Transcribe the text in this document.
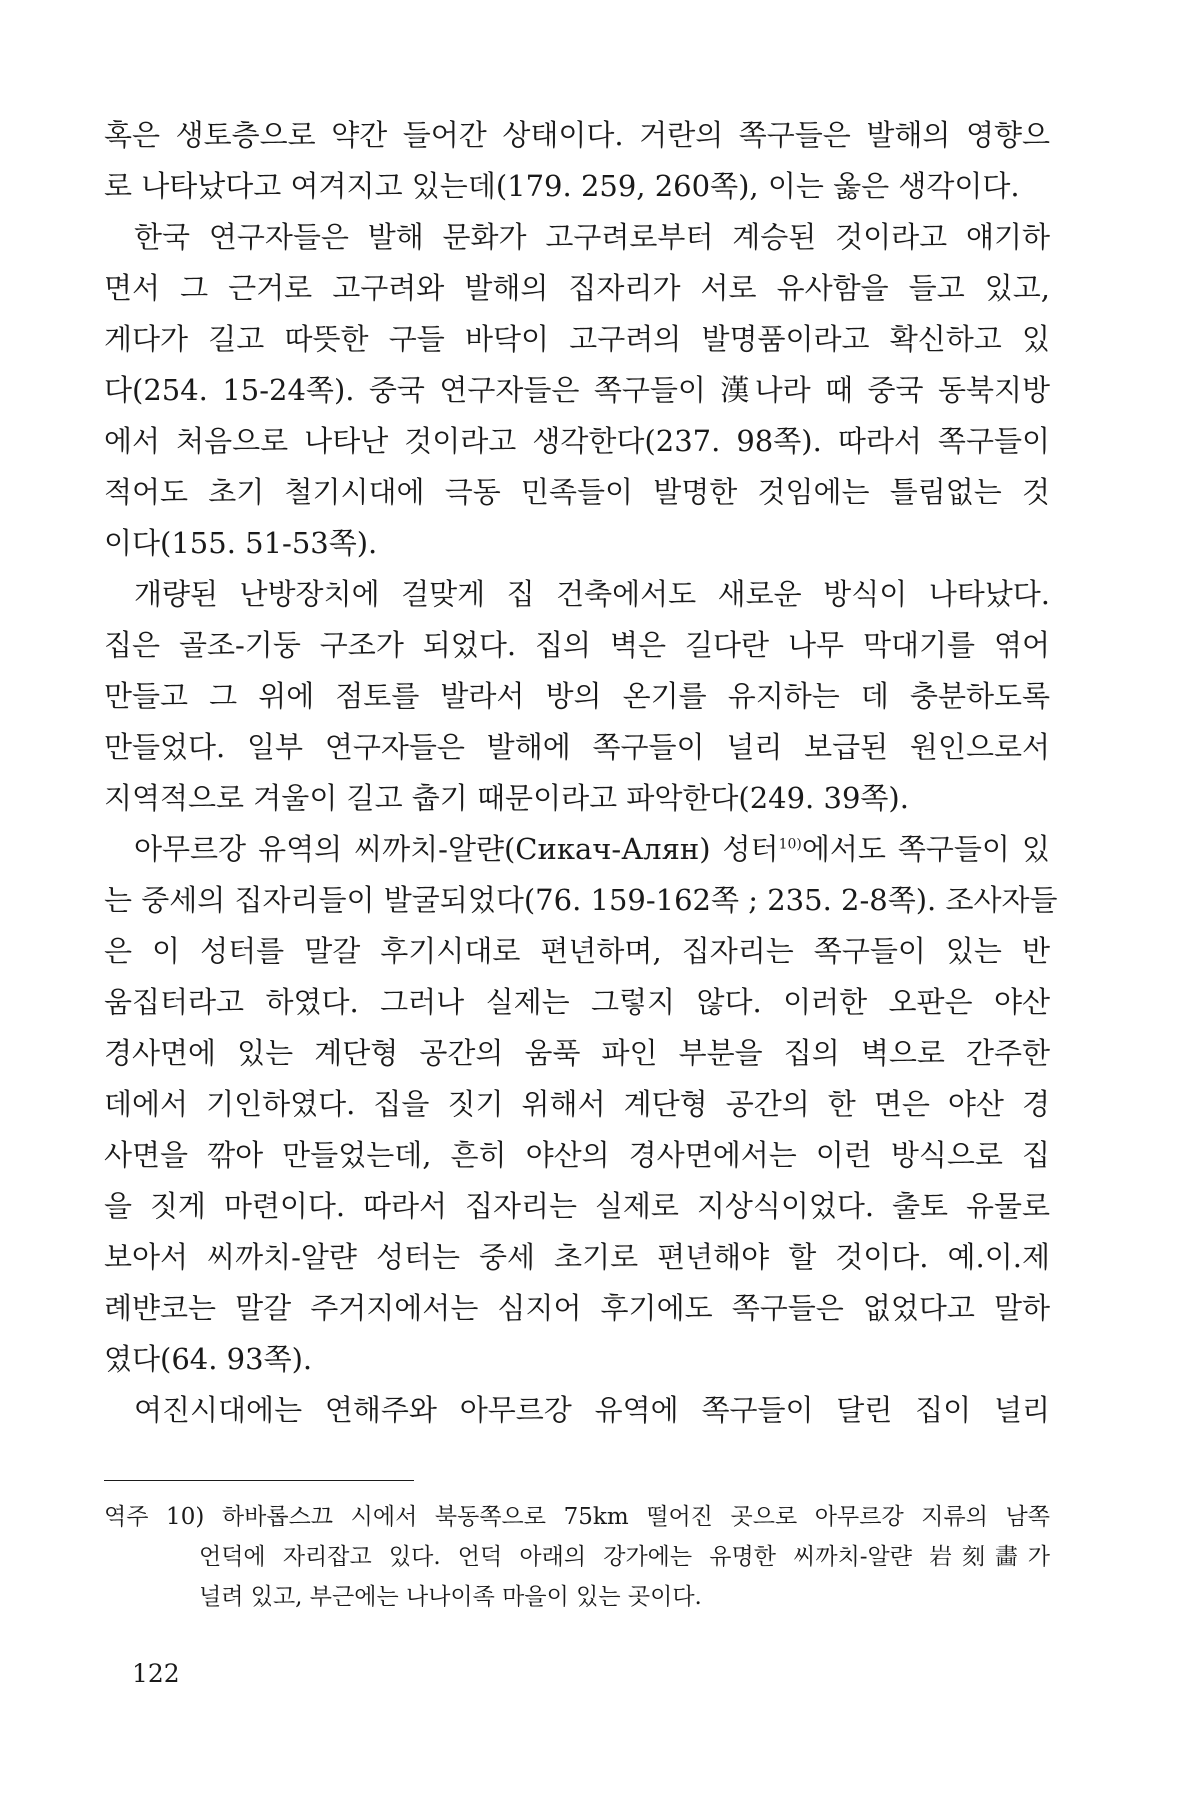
혹은 생토층으로 약간 들어간 상태이다. 거란의 쪽구들은 발해의 영향으
로 나타났다고 여겨지고 있는데(179. 259, 260쪽), 이는 옳은 생각이다.
한국 연구자들은 발해 문화가 고구려로부터 계승된 것이라고 얘기하
면서 그 근거로 고구려와 발해의 집자리가 서로 유사함을 들고 있고,
게다가 길고 따뜻한 구들 바닥이 고구려의 발명품이라고 확신하고 있
다(254. 15-24쪽). 중국 연구자들은 쪽구들이 漢나라 때 중국 동북지방
에서 처음으로 나타난 것이라고 생각한다(237. 98쪽). 따라서 쪽구들이
적어도 초기 철기시대에 극동 민족들이 발명한 것임에는 틀림없는 것
이다(155. 51-53쪽).
개량된 난방장치에 걸맞게 집 건축에서도 새로운 방식이 나타났다.
집은 골조-기둥 구조가 되었다. 집의 벽은 길다란 나무 막대기를 엮어
만들고 그 위에 점토를 발라서 방의 온기를 유지하는 데 충분하도록
만들었다. 일부 연구자들은 발해에 쪽구들이 널리 보급된 원인으로서
지역적으로 겨울이 길고 춥기 때문이라고 파악한다(249. 39쪽).
아무르강 유역의 씨까치-알랸(Сикач-Алян) 성터$^{10)}$에서도 쪽구들이 있
는 중세의 집자리들이 발굴되었다(76. 159-162쪽 ; 235. 2-8쪽). 조사자들
은 이 성터를 말갈 후기시대로 편년하며, 집자리는 쪽구들이 있는 반
움집터라고 하였다. 그러나 실제는 그렇지 않다. 이러한 오판은 야산
경사면에 있는 계단형 공간의 움푹 파인 부분을 집의 벽으로 간주한
데에서 기인하였다. 집을 짓기 위해서 계단형 공간의 한 면은 야산 경
사면을 깎아 만들었는데, 흔히 야산의 경사면에서는 이런 방식으로 집
을 짓게 마련이다. 따라서 집자리는 실제로 지상식이었다. 출토 유물로
보아서 씨까치-알랸 성터는 중세 초기로 편년해야 할 것이다. 예.이.제
례뱐코는 말갈 주거지에서는 심지어 후기에도 쪽구들은 없었다고 말하
였다(64. 93쪽).
여진시대에는 연해주와 아무르강 유역에 쪽구들이 달린 집이 널리
역주 10) 하바롭스끄 시에서 북동쪽으로 75km 떨어진 곳으로 아무르강 지류의 남쪽
언덕에 자리잡고 있다. 언덕 아래의 강가에는 유명한 씨까치-알랸 岩刻畵가
널려 있고, 부근에는 나나이족 마을이 있는 곳이다.
122
